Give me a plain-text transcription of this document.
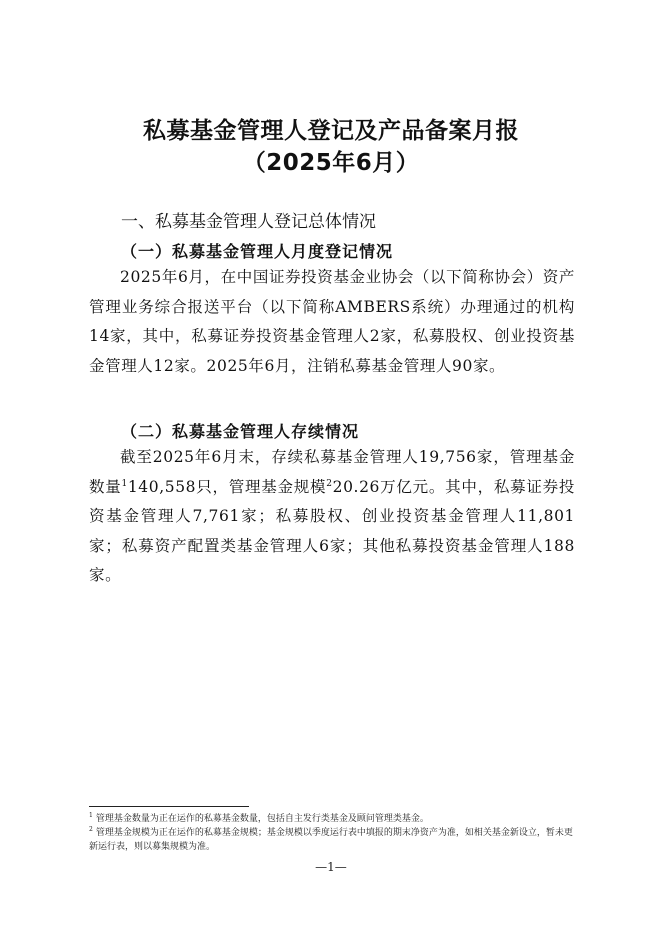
私募基金管理人登记及产品备案月报
（2025年6月）
一、私募基金管理人登记总体情况
（一）私募基金管理人月度登记情况

2025年6月，在中国证券投资基金业协会（以下简称协会）资产管理业务综合报送平台（以下简称AMBERS系统）办理通过的机构14家，其中，私募证券投资基金管理人2家，私募股权、创业投资基金管理人12家。2025年6月，注销私募基金管理人90家。

（二）私募基金管理人存续情况

截至2025年6月末，存续私募基金管理人19,756家，管理基金数量$^1$140,558只，管理基金规模$^2$20.26万亿元。其中，私募证券投资基金管理人7,761家；私募股权、创业投资基金管理人11,801家；私募资产配置类基金管理人6家；其他私募投资基金管理人188家。

$^1$ 管理基金数量为正在运作的私募基金数量，包括自主发行类基金及顾问管理类基金。

$^2$ 管理基金规模为正在运作的私募基金规模；基金规模以季度运行表中填报的期末净资产为准，如相关基金新设立，暂未更新运行表，则以募集规模为准。

—1—
